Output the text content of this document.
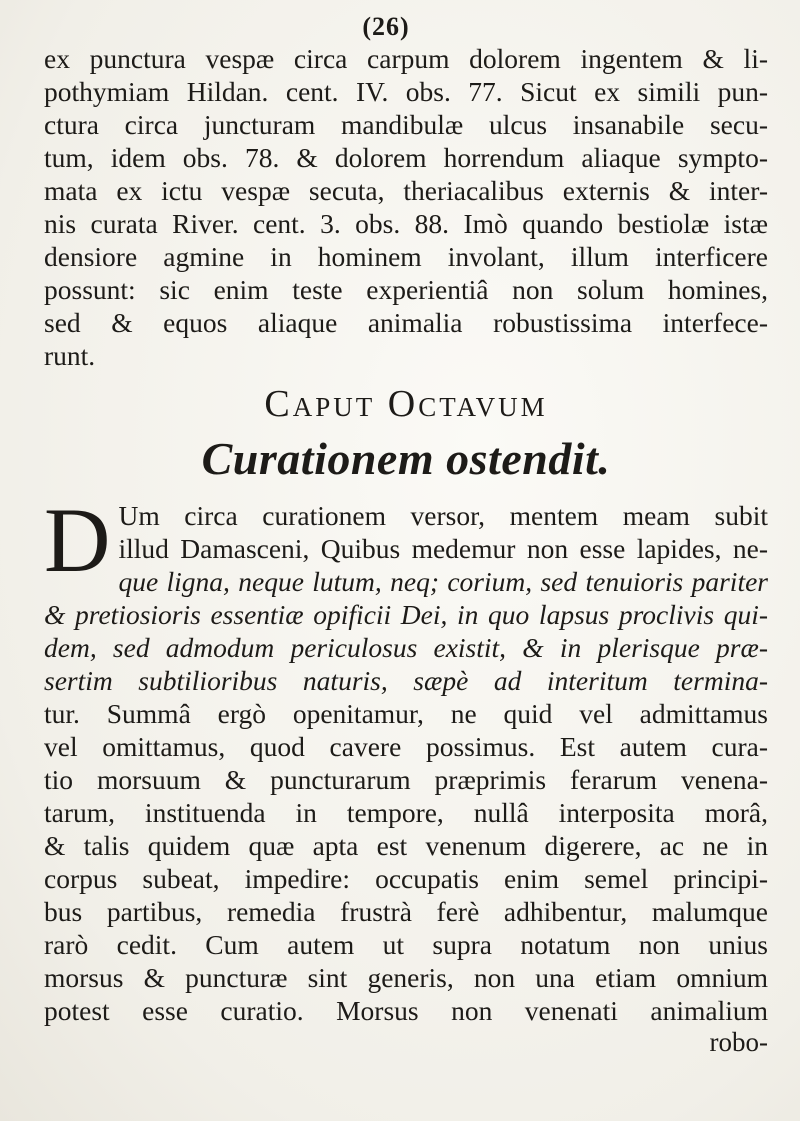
(26)
ex punctura vespæ circa carpum dolorem ingentem & li-
pothymiam Hildan. cent. IV. obs. 77. Sicut ex simili pun-
ctura circa juncturam mandibulæ ulcus insanabile secu-
tum, idem obs. 78. & dolorem horrendum aliaque sympto-
mata ex ictu vespæ secuta, theriacalibus externis & inter-
nis curata River. cent. 3. obs. 88. Imò quando bestiolæ istæ
densiore agmine in hominem involant, illum interficere
possunt: sic enim teste experientiâ non solum homines,
sed & equos aliaque animalia robustissima interfece-
runt.
Caput Octavum
Curationem ostendit.
D Um circa curationem versor, mentem meam subit
illud Damasceni, Quibus medemur non esse lapides, ne-
que ligna, neque lutum, neq; corium, sed tenuioris pariter
& pretiosioris essentiæ opificii Dei, in quo lapsus proclivis qui-
dem, sed admodum periculosus existit, & in plerisque præ-
sertim subtilioribus naturis, sæpè ad interitum termina-
tur. Summâ ergò openitamur, ne quid vel admittamus
vel omittamus, quod cavere possimus. Est autem cura-
tio morsuum & puncturarum præprimis ferarum venena-
tarum, instituenda in tempore, nullâ interposita morâ,
& talis quidem quæ apta est venenum digerere, ac ne in
corpus subeat, impedire: occupatis enim semel principi-
bus partibus, remedia frustrà ferè adhibentur, malumque
rarò cedit. Cum autem ut supra notatum non unius
morsus & puncturæ sint generis, non una etiam omnium
potest esse curatio. Morsus non venenati animalium
robo-
